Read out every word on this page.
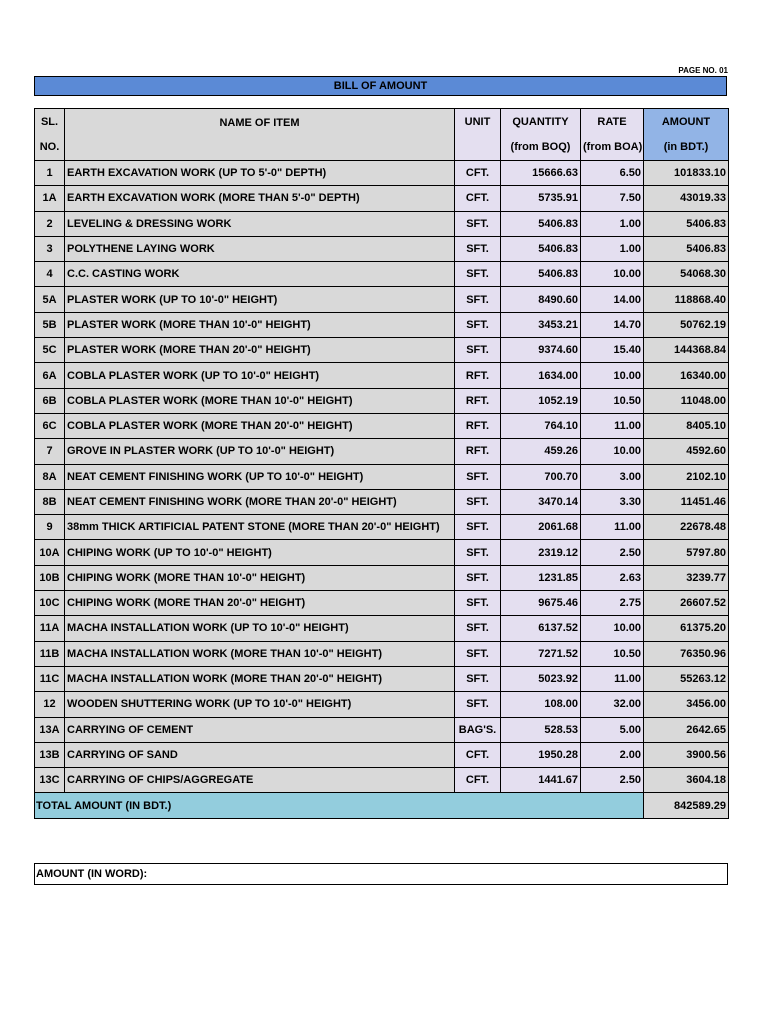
PAGE NO. 01
BILL OF AMOUNT
SL.	NAME OF ITEM	UNIT	QUANTITY	RATE	AMOUNT
NO.			(from BOQ)	(from BOA)	(in BDT.)
1	EARTH EXCAVATION WORK (UP TO 5'-0" DEPTH)	CFT.	15666.63	6.50	101833.10
1A	EARTH EXCAVATION WORK (MORE THAN 5'-0" DEPTH)	CFT.	5735.91	7.50	43019.33
2	LEVELING & DRESSING WORK	SFT.	5406.83	1.00	5406.83
3	POLYTHENE LAYING WORK	SFT.	5406.83	1.00	5406.83
4	C.C. CASTING WORK	SFT.	5406.83	10.00	54068.30
5A	PLASTER WORK (UP TO 10'-0" HEIGHT)	SFT.	8490.60	14.00	118868.40
5B	PLASTER WORK (MORE THAN 10'-0" HEIGHT)	SFT.	3453.21	14.70	50762.19
5C	PLASTER WORK (MORE THAN 20'-0" HEIGHT)	SFT.	9374.60	15.40	144368.84
6A	COBLA PLASTER WORK (UP TO 10'-0" HEIGHT)	RFT.	1634.00	10.00	16340.00
6B	COBLA PLASTER WORK (MORE THAN 10'-0" HEIGHT)	RFT.	1052.19	10.50	11048.00
6C	COBLA PLASTER WORK (MORE THAN 20'-0" HEIGHT)	RFT.	764.10	11.00	8405.10
7	GROVE IN PLASTER WORK (UP TO 10'-0" HEIGHT)	RFT.	459.26	10.00	4592.60
8A	NEAT CEMENT FINISHING WORK (UP TO 10'-0" HEIGHT)	SFT.	700.70	3.00	2102.10
8B	NEAT CEMENT FINISHING WORK (MORE THAN 20'-0" HEIGHT)	SFT.	3470.14	3.30	11451.46
9	38mm THICK ARTIFICIAL PATENT STONE (MORE THAN 20'-0" HEIGHT)	SFT.	2061.68	11.00	22678.48
10A	CHIPING WORK (UP TO 10'-0" HEIGHT)	SFT.	2319.12	2.50	5797.80
10B	CHIPING WORK (MORE THAN 10'-0" HEIGHT)	SFT.	1231.85	2.63	3239.77
10C	CHIPING WORK (MORE THAN 20'-0" HEIGHT)	SFT.	9675.46	2.75	26607.52
11A	MACHA INSTALLATION WORK (UP TO 10'-0" HEIGHT)	SFT.	6137.52	10.00	61375.20
11B	MACHA INSTALLATION WORK (MORE THAN 10'-0" HEIGHT)	SFT.	7271.52	10.50	76350.96
11C	MACHA INSTALLATION WORK (MORE THAN 20'-0" HEIGHT)	SFT.	5023.92	11.00	55263.12
12	WOODEN SHUTTERING WORK (UP TO 10'-0" HEIGHT)	SFT.	108.00	32.00	3456.00
13A	CARRYING OF CEMENT	BAG'S.	528.53	5.00	2642.65
13B	CARRYING OF SAND	CFT.	1950.28	2.00	3900.56
13C	CARRYING OF CHIPS/AGGREGATE	CFT.	1441.67	2.50	3604.18
TOTAL AMOUNT (IN BDT.)					842589.29
AMOUNT (IN WORD):
